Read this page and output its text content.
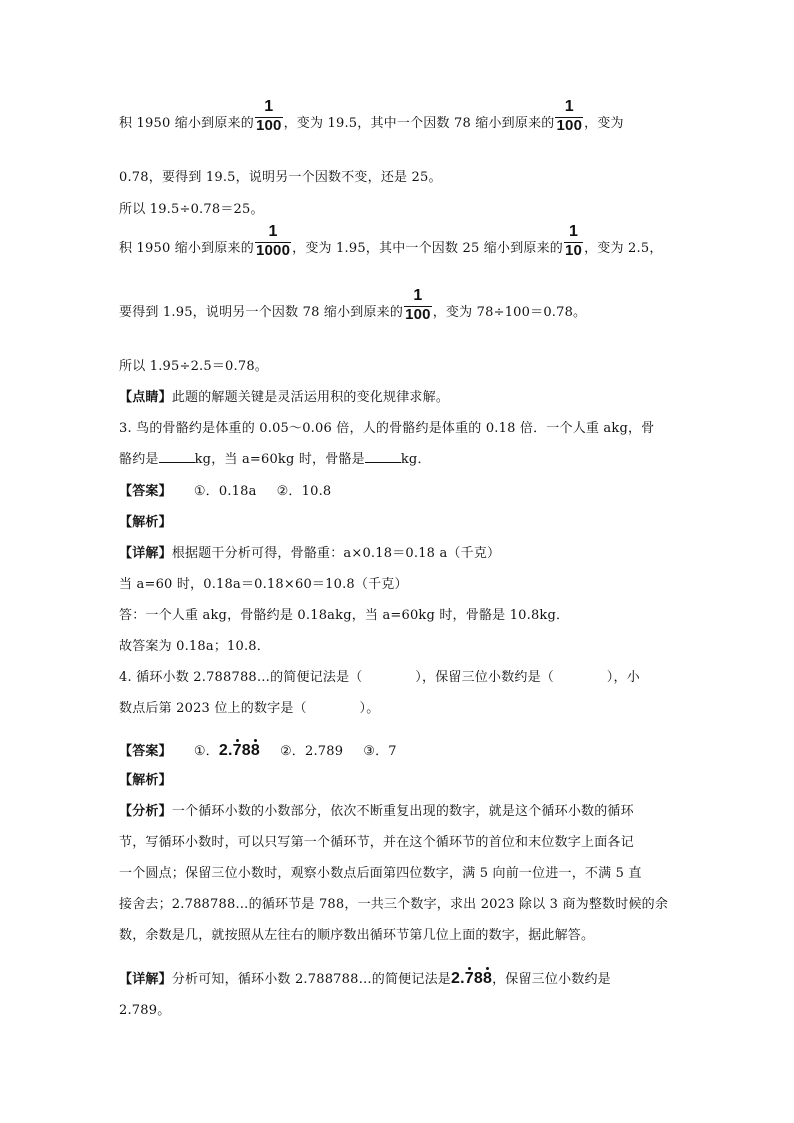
积 1950 缩小到原来的 $\frac{1}{100}$ ，变为 19.5，其中一个因数 78 缩小到原来的 $\frac{1}{100}$ ，变为
0.78，要得到 19.5，说明另一个因数不变，还是 25。
所以 19.5÷0.78＝25。
积 1950 缩小到原来的 $\frac{1}{1000}$ ，变为 1.95，其中一个因数 25 缩小到原来的 $\frac{1}{10}$ ，变为 2.5，
要得到 1.95，说明另一个因数 78 缩小到原来的 $\frac{1}{100}$ ，变为 78÷100＝0.78。
所以 1.95÷2.5＝0.78。
【点睛】此题的解题关键是灵活运用积的变化规律求解。
3. 鸟的骨骼约是体重的 0.05～0.06 倍，人的骨骼约是体重的 0.18 倍．一个人重 akg，骨
骼约是	kg，当 a=60kg 时，骨骼是	kg．
【答案】 ①．0.18a ②．10.8
【解析】
【详解】根据题干分析可得，骨骼重：a×0.18＝0.18 a（千克）
当 a=60 时，0.18a＝0.18×60＝10.8（千克）
答：一个人重 akg，骨骼约是 0.18akg，当 a=60kg 时，骨骼是 10.8kg．
故答案为 0.18a；10.8．
4. 循环小数 2.788788…的简便记法是（　　　　），保留三位小数约是（　　　　），小
数点后第 2023 位上的数字是（　　　　）。
【答案】 ①．2.788 ②．2.789 ③．7
【解析】
【分析】一个循环小数的小数部分，依次不断重复出现的数字，就是这个循环小数的循环
节，写循环小数时，可以只写第一个循环节，并在这个循环节的首位和末位数字上面各记
一个圆点；保留三位小数时，观察小数点后面第四位数字，满 5 向前一位进一，不满 5 直
接舍去；2.788788…的循环节是 788，一共三个数字，求出 2023 除以 3 商为整数时候的余
数，余数是几，就按照从左往右的顺序数出循环节第几位上面的数字，据此解答。
【详解】分析可知，循环小数 2.788788…的简便记法是2.788，保留三位小数约是
2.789。
